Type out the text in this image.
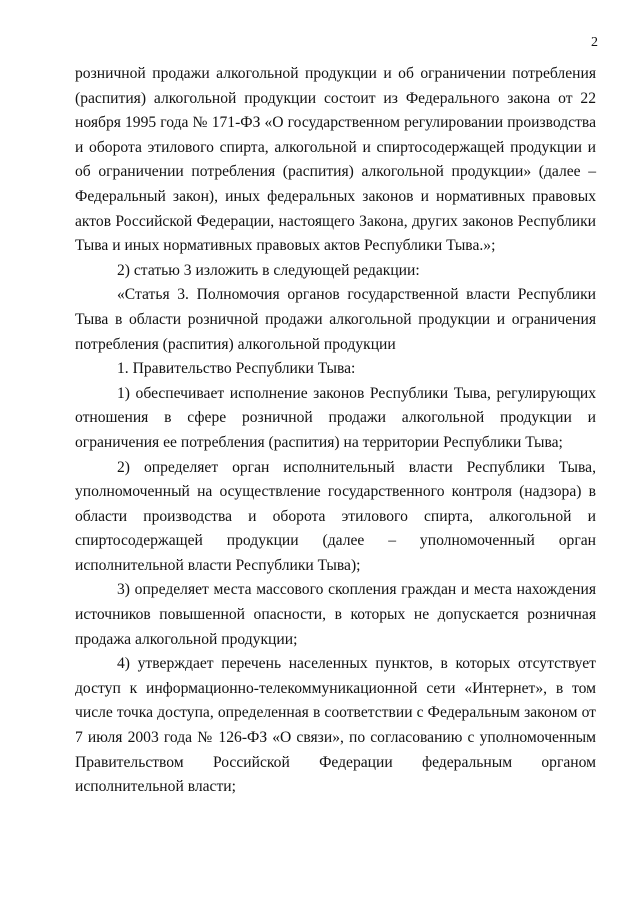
2

розничной продажи алкогольной продукции и об ограничении потребления (распития) алкогольной продукции состоит из Федерального закона от 22 ноября 1995 года № 171-ФЗ «О государственном регулировании производства и оборота этилового спирта, алкогольной и спиртосодержащей продукции и об ограничении потребления (распития) алкогольной продукции» (далее – Федеральный закон), иных федеральных законов и нормативных правовых актов Российской Федерации, настоящего Закона, других законов Республики Тыва и иных нормативных правовых актов Республики Тыва.»;

2) статью 3 изложить в следующей редакции:

«Статья 3. Полномочия органов государственной власти Республики Тыва в области розничной продажи алкогольной продукции и ограничения потребления (распития) алкогольной продукции

1. Правительство Республики Тыва:

1) обеспечивает исполнение законов Республики Тыва, регулирующих отношения в сфере розничной продажи алкогольной продукции и ограничения ее потребления (распития) на территории Республики Тыва;

2) определяет орган исполнительный власти Республики Тыва, уполномоченный на осуществление государственного контроля (надзора) в области производства и оборота этилового спирта, алкогольной и спиртосодержащей продукции (далее – уполномоченный орган исполнительной власти Республики Тыва);

3) определяет места массового скопления граждан и места нахождения источников повышенной опасности, в которых не допускается розничная продажа алкогольной продукции;

4) утверждает перечень населенных пунктов, в которых отсутствует доступ к информационно-телекоммуникационной сети «Интернет», в том числе точка доступа, определенная в соответствии с Федеральным законом от 7 июля 2003 года № 126-ФЗ «О связи», по согласованию с уполномоченным Правительством Российской Федерации федеральным органом исполнительной власти;
